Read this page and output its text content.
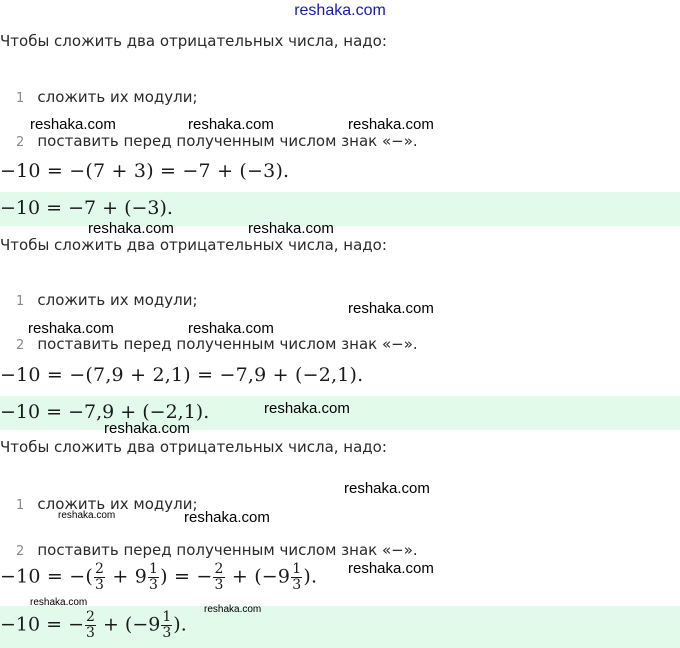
reshaka.com
Чтобы сложить два отрицательных числа, надо:
1 сложить их модули;
2 поставить перед полученным числом знак «−».
−10 = −(7 + 3) = −7 + (−3).
−10 = −7 + (−3).
Чтобы сложить два отрицательных числа, надо:
1 сложить их модули;
2 поставить перед полученным числом знак «−».
−10 = −(7,9 + 2,1) = −7,9 + (−2,1).
−10 = −7,9 + (−2,1).
Чтобы сложить два отрицательных числа, надо:
1 сложить их модули;
2 поставить перед полученным числом знак «−».
−10 = −( $\frac{2}{3} + 9 \frac{1}{3}$ ) = − $\frac{2}{3} + (-9 \frac{1}{3}$ ).
−10 = − $\frac{2}{3} + (-9 \frac{1}{3}$ ).
reshaka.com	reshaka.com	reshaka.com
reshaka.com	reshaka.com
reshaka.com
reshaka.com	reshaka.com
reshaka.com
reshaka.com
reshaka.com
reshaka.com	reshaka.com
reshaka.com
reshaka.com
reshaka.com
